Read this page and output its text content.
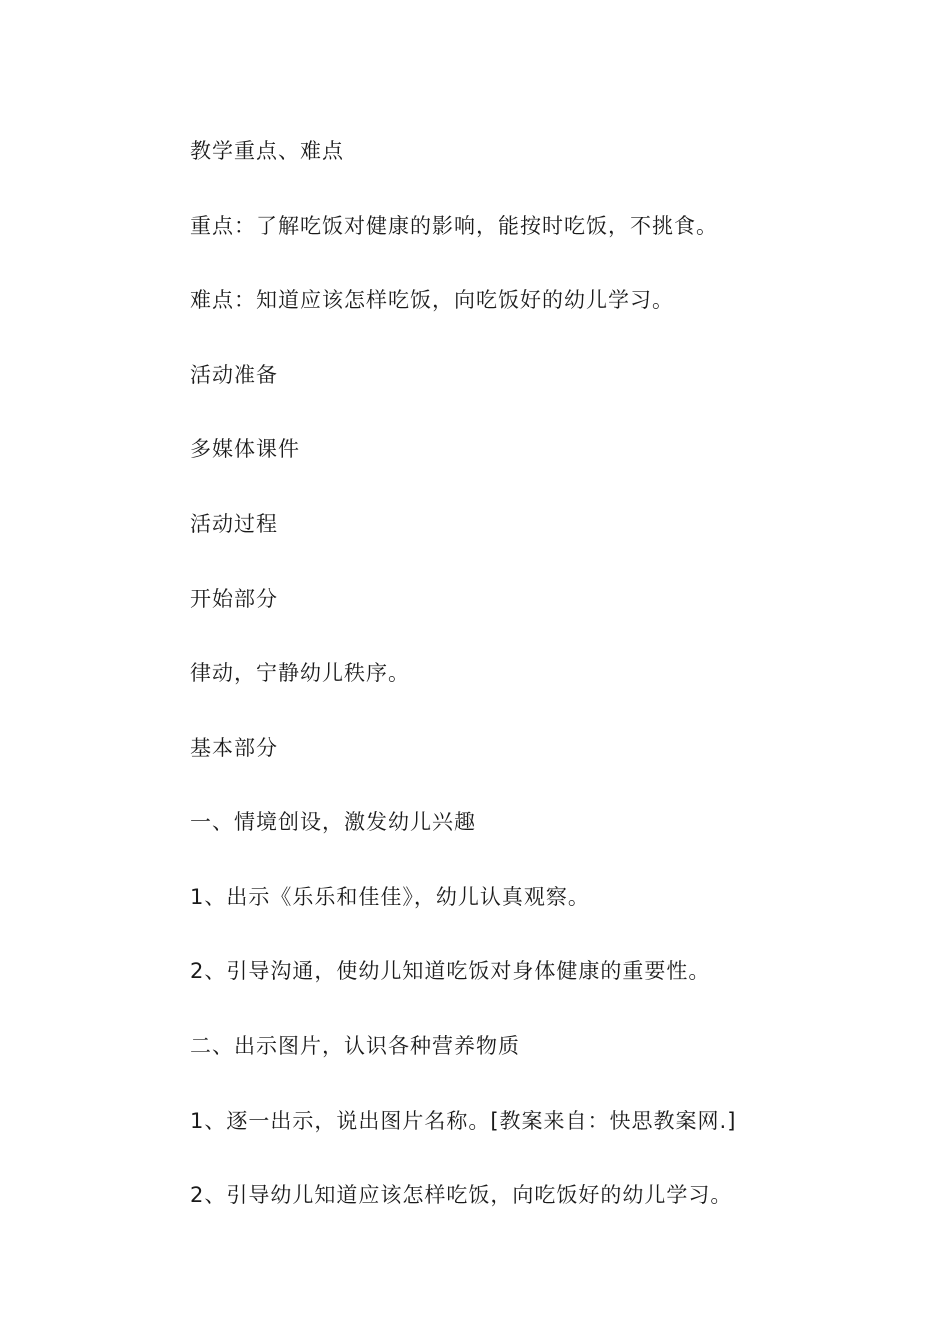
教学重点、难点
重点：了解吃饭对健康的影响，能按时吃饭，不挑食。
难点：知道应该怎样吃饭，向吃饭好的幼儿学习。
活动准备
多媒体课件
活动过程
开始部分
律动，宁静幼儿秩序。
基本部分
一、情境创设，激发幼儿兴趣
1、出示《乐乐和佳佳》，幼儿认真观察。
2、引导沟通，使幼儿知道吃饭对身体健康的重要性。
二、出示图片，认识各种营养物质
1、逐一出示，说出图片名称。[教案来自：快思教案网.]
2、引导幼儿知道应该怎样吃饭，向吃饭好的幼儿学习。
